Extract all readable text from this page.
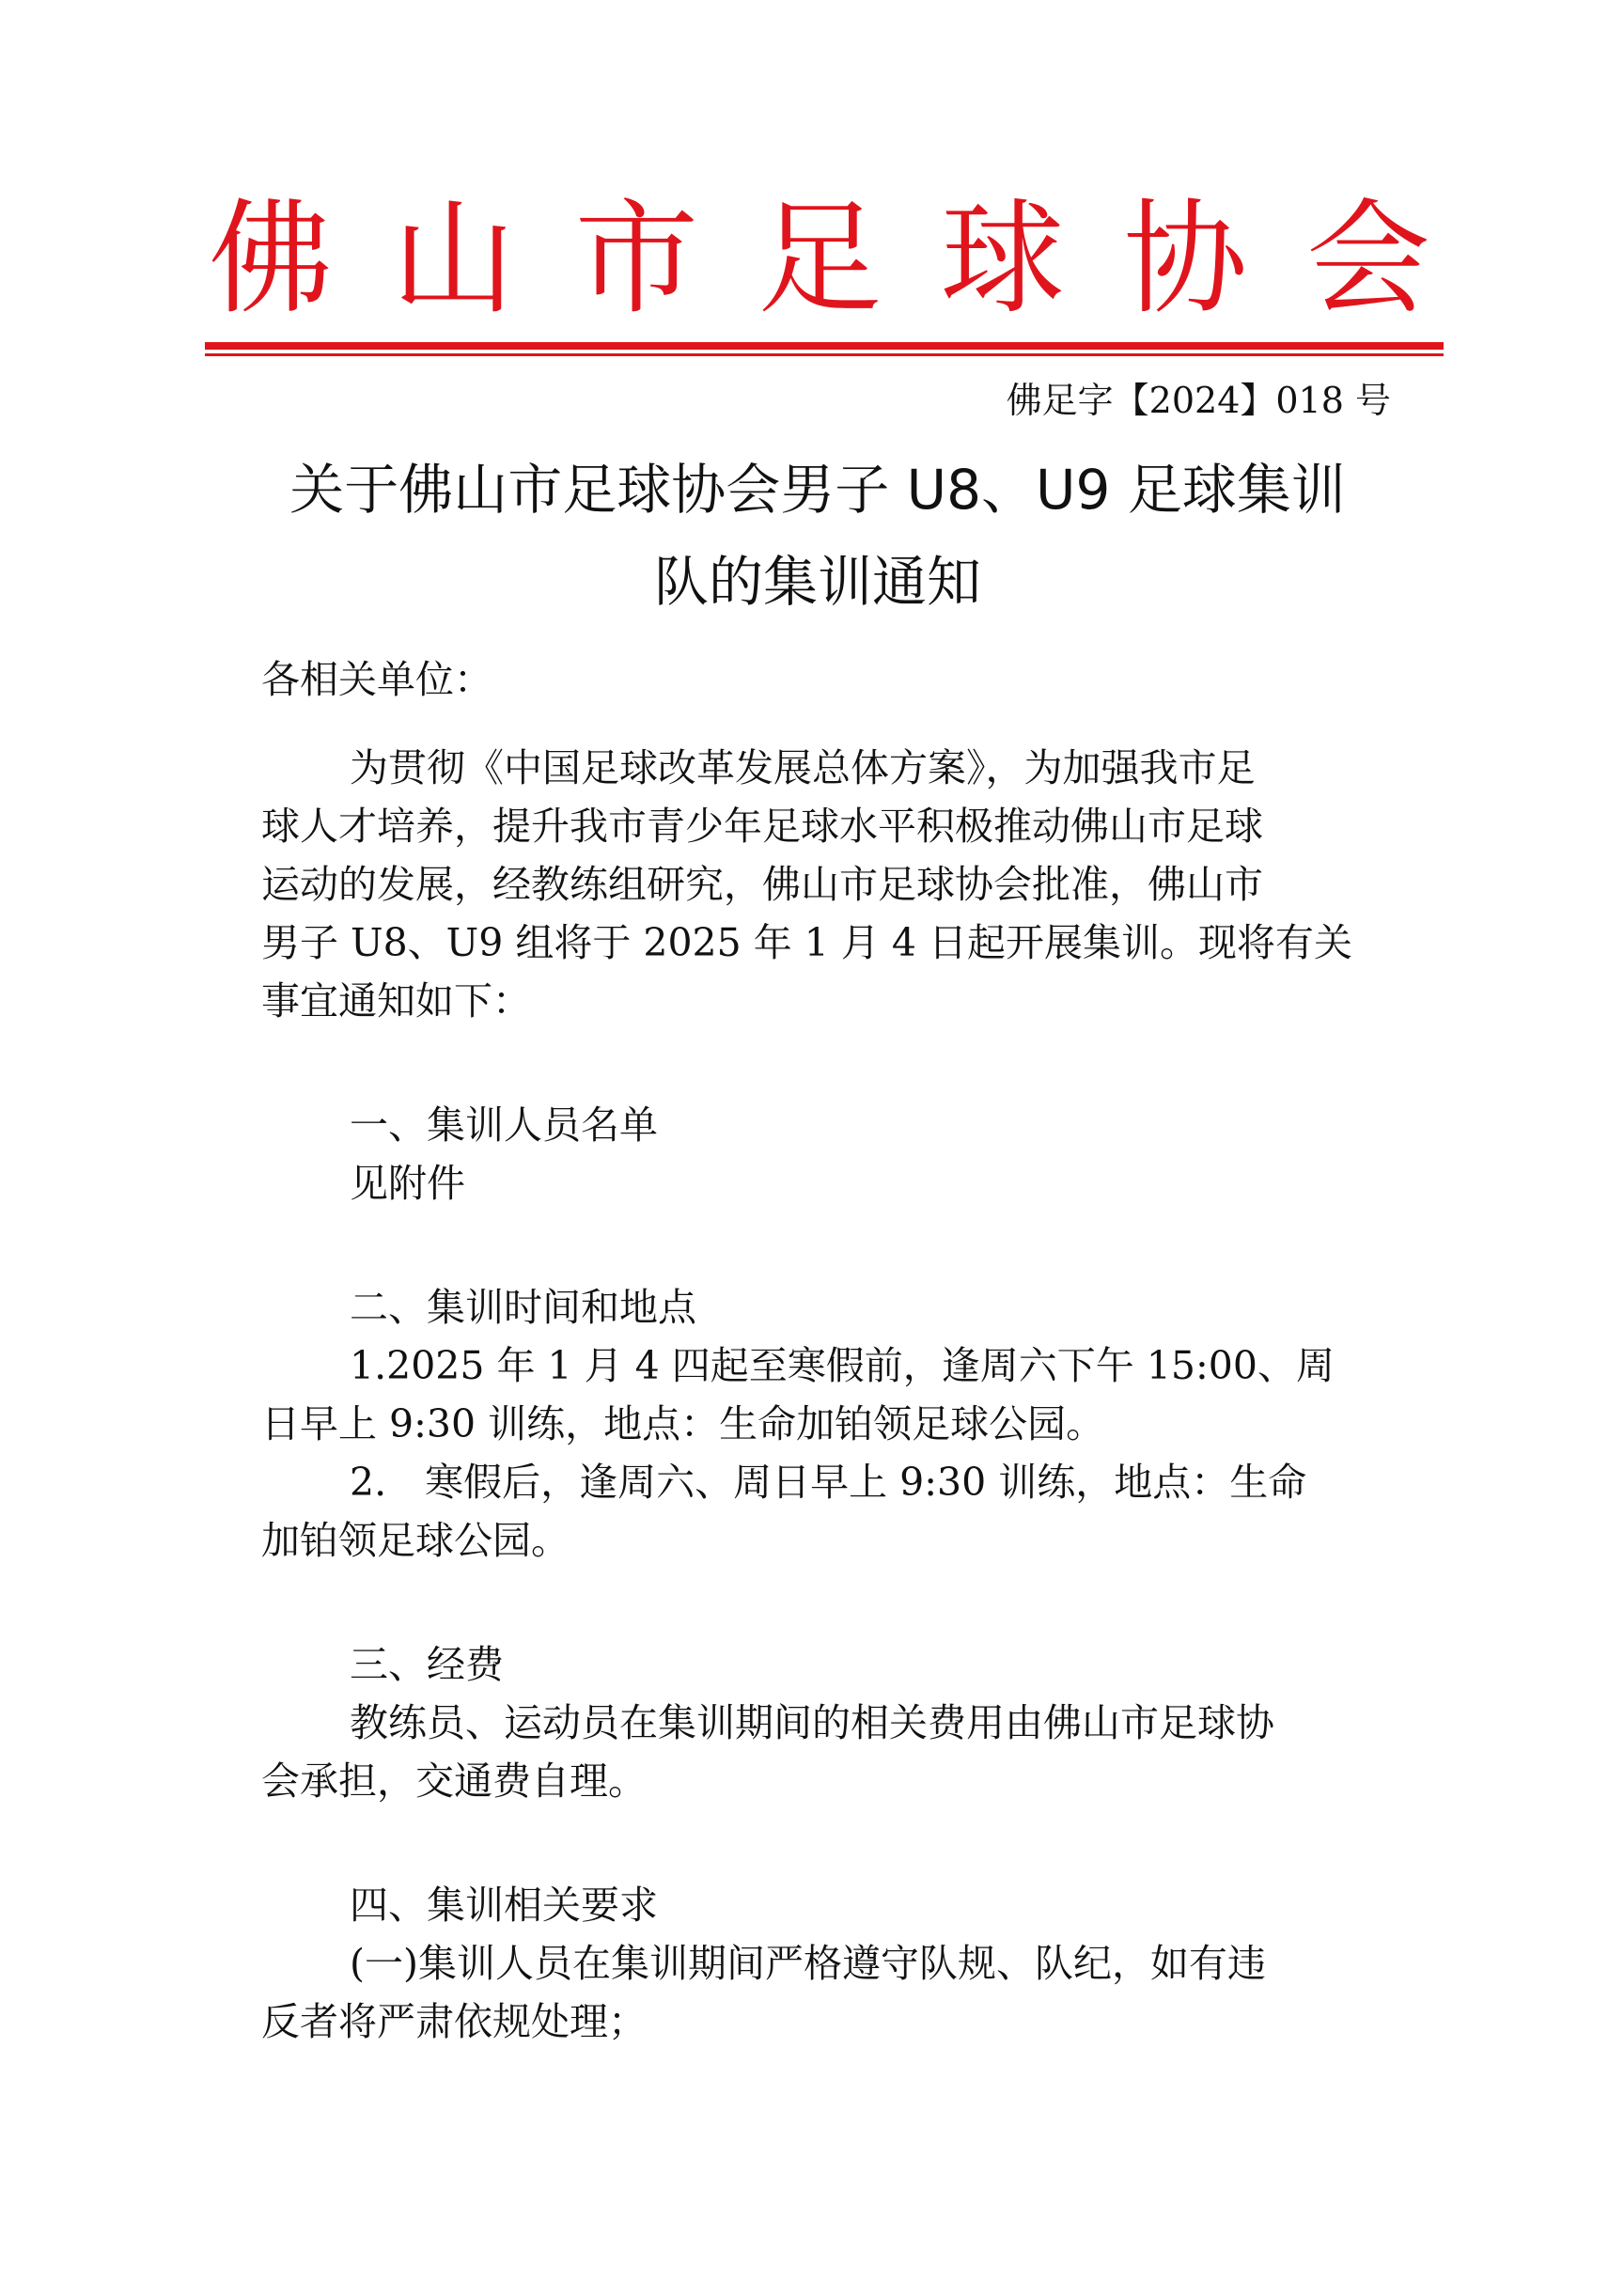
佛 山 市 足 球 协 会
佛足字【2024】018 号
关于佛山市足球协会男子 U8、U9 足球集训
队的集训通知
各相关单位：
为贯彻《中国足球改革发展总体方案》，为加强我市足
球人才培养，提升我市青少年足球水平积极推动佛山市足球
运动的发展，经教练组研究，佛山市足球协会批准，佛山市
男子 U8、U9 组将于 2025 年 1 月 4 日起开展集训。现将有关
事宜通知如下：
一、集训人员名单
见附件
二、集训时间和地点
1.2025 年 1 月 4 四起至寒假前，逢周六下午 15:00、周
日早上 9:30 训练，地点：生命加铂领足球公园。
2.　寒假后，逢周六、周日早上 9:30 训练，地点：生命
加铂领足球公园。
三、经费
教练员、运动员在集训期间的相关费用由佛山市足球协
会承担，交通费自理。
四、集训相关要求
(一)集训人员在集训期间严格遵守队规、队纪，如有违
反者将严肃依规处理；
